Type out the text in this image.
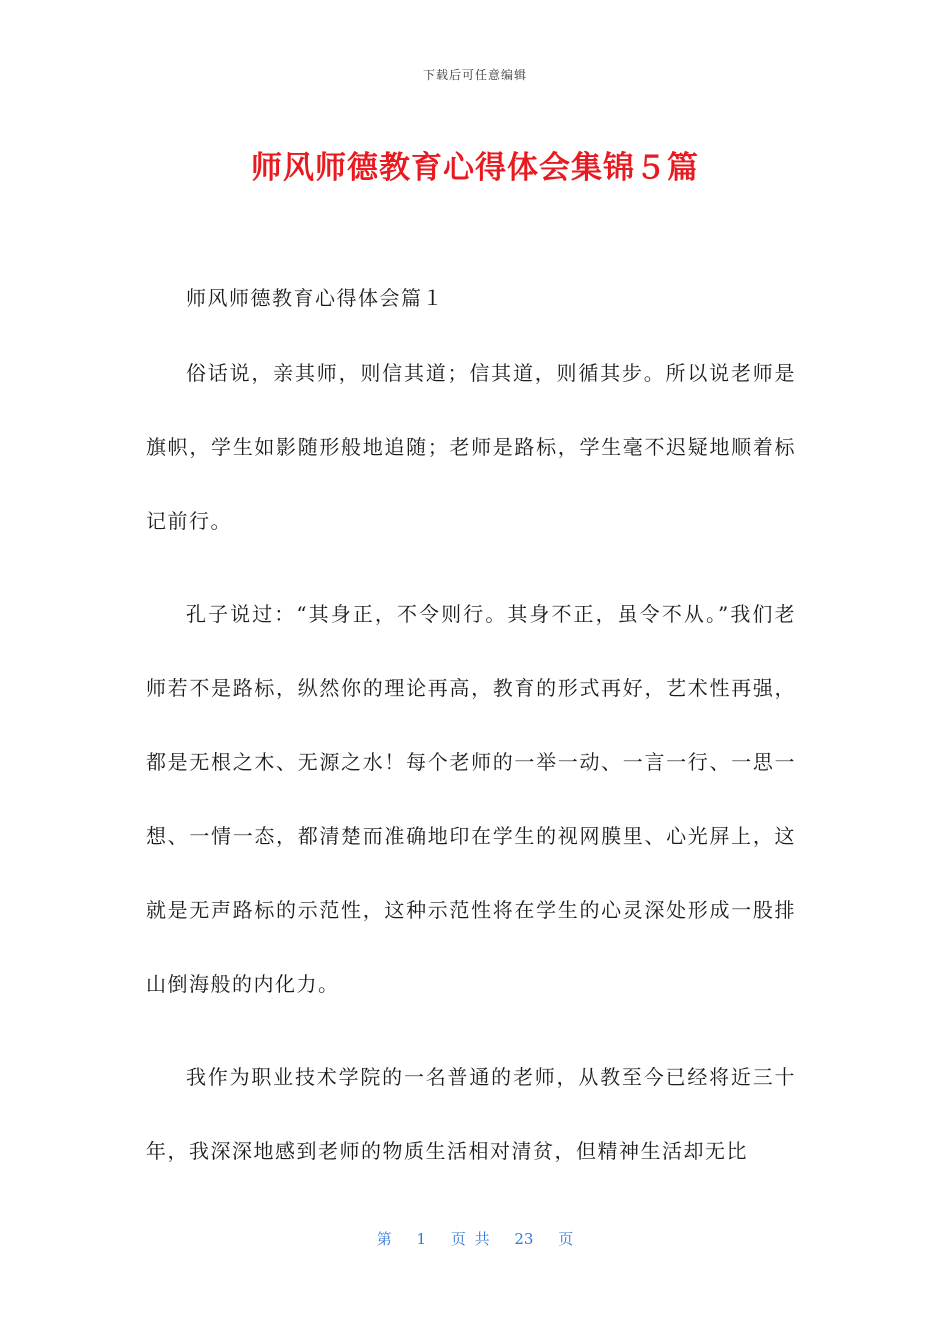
下载后可任意编辑
师风师德教育心得体会集锦５篇

师风师德教育心得体会篇１

俗话说，亲其师，则信其道；信其道，则循其步。所以说老师是旗帜，学生如影随形般地追随；老师是路标，学生毫不迟疑地顺着标记前行。

孔子说过：“其身正，不令则行。其身不正，虽令不从。”我们老师若不是路标，纵然你的理论再高，教育的形式再好，艺术性再强，都是无根之木、无源之水！每个老师的一举一动、一言一行、一思一想、一情一态，都清楚而准确地印在学生的视网膜里、心光屏上，这就是无声路标的示范性，这种示范性将在学生的心灵深处形成一股排山倒海般的内化力。

我作为职业技术学院的一名普通的老师，从教至今已经将近三十年，我深深地感到老师的物质生活相对清贫，但精神生活却无比

第 1 页 共 23 页
